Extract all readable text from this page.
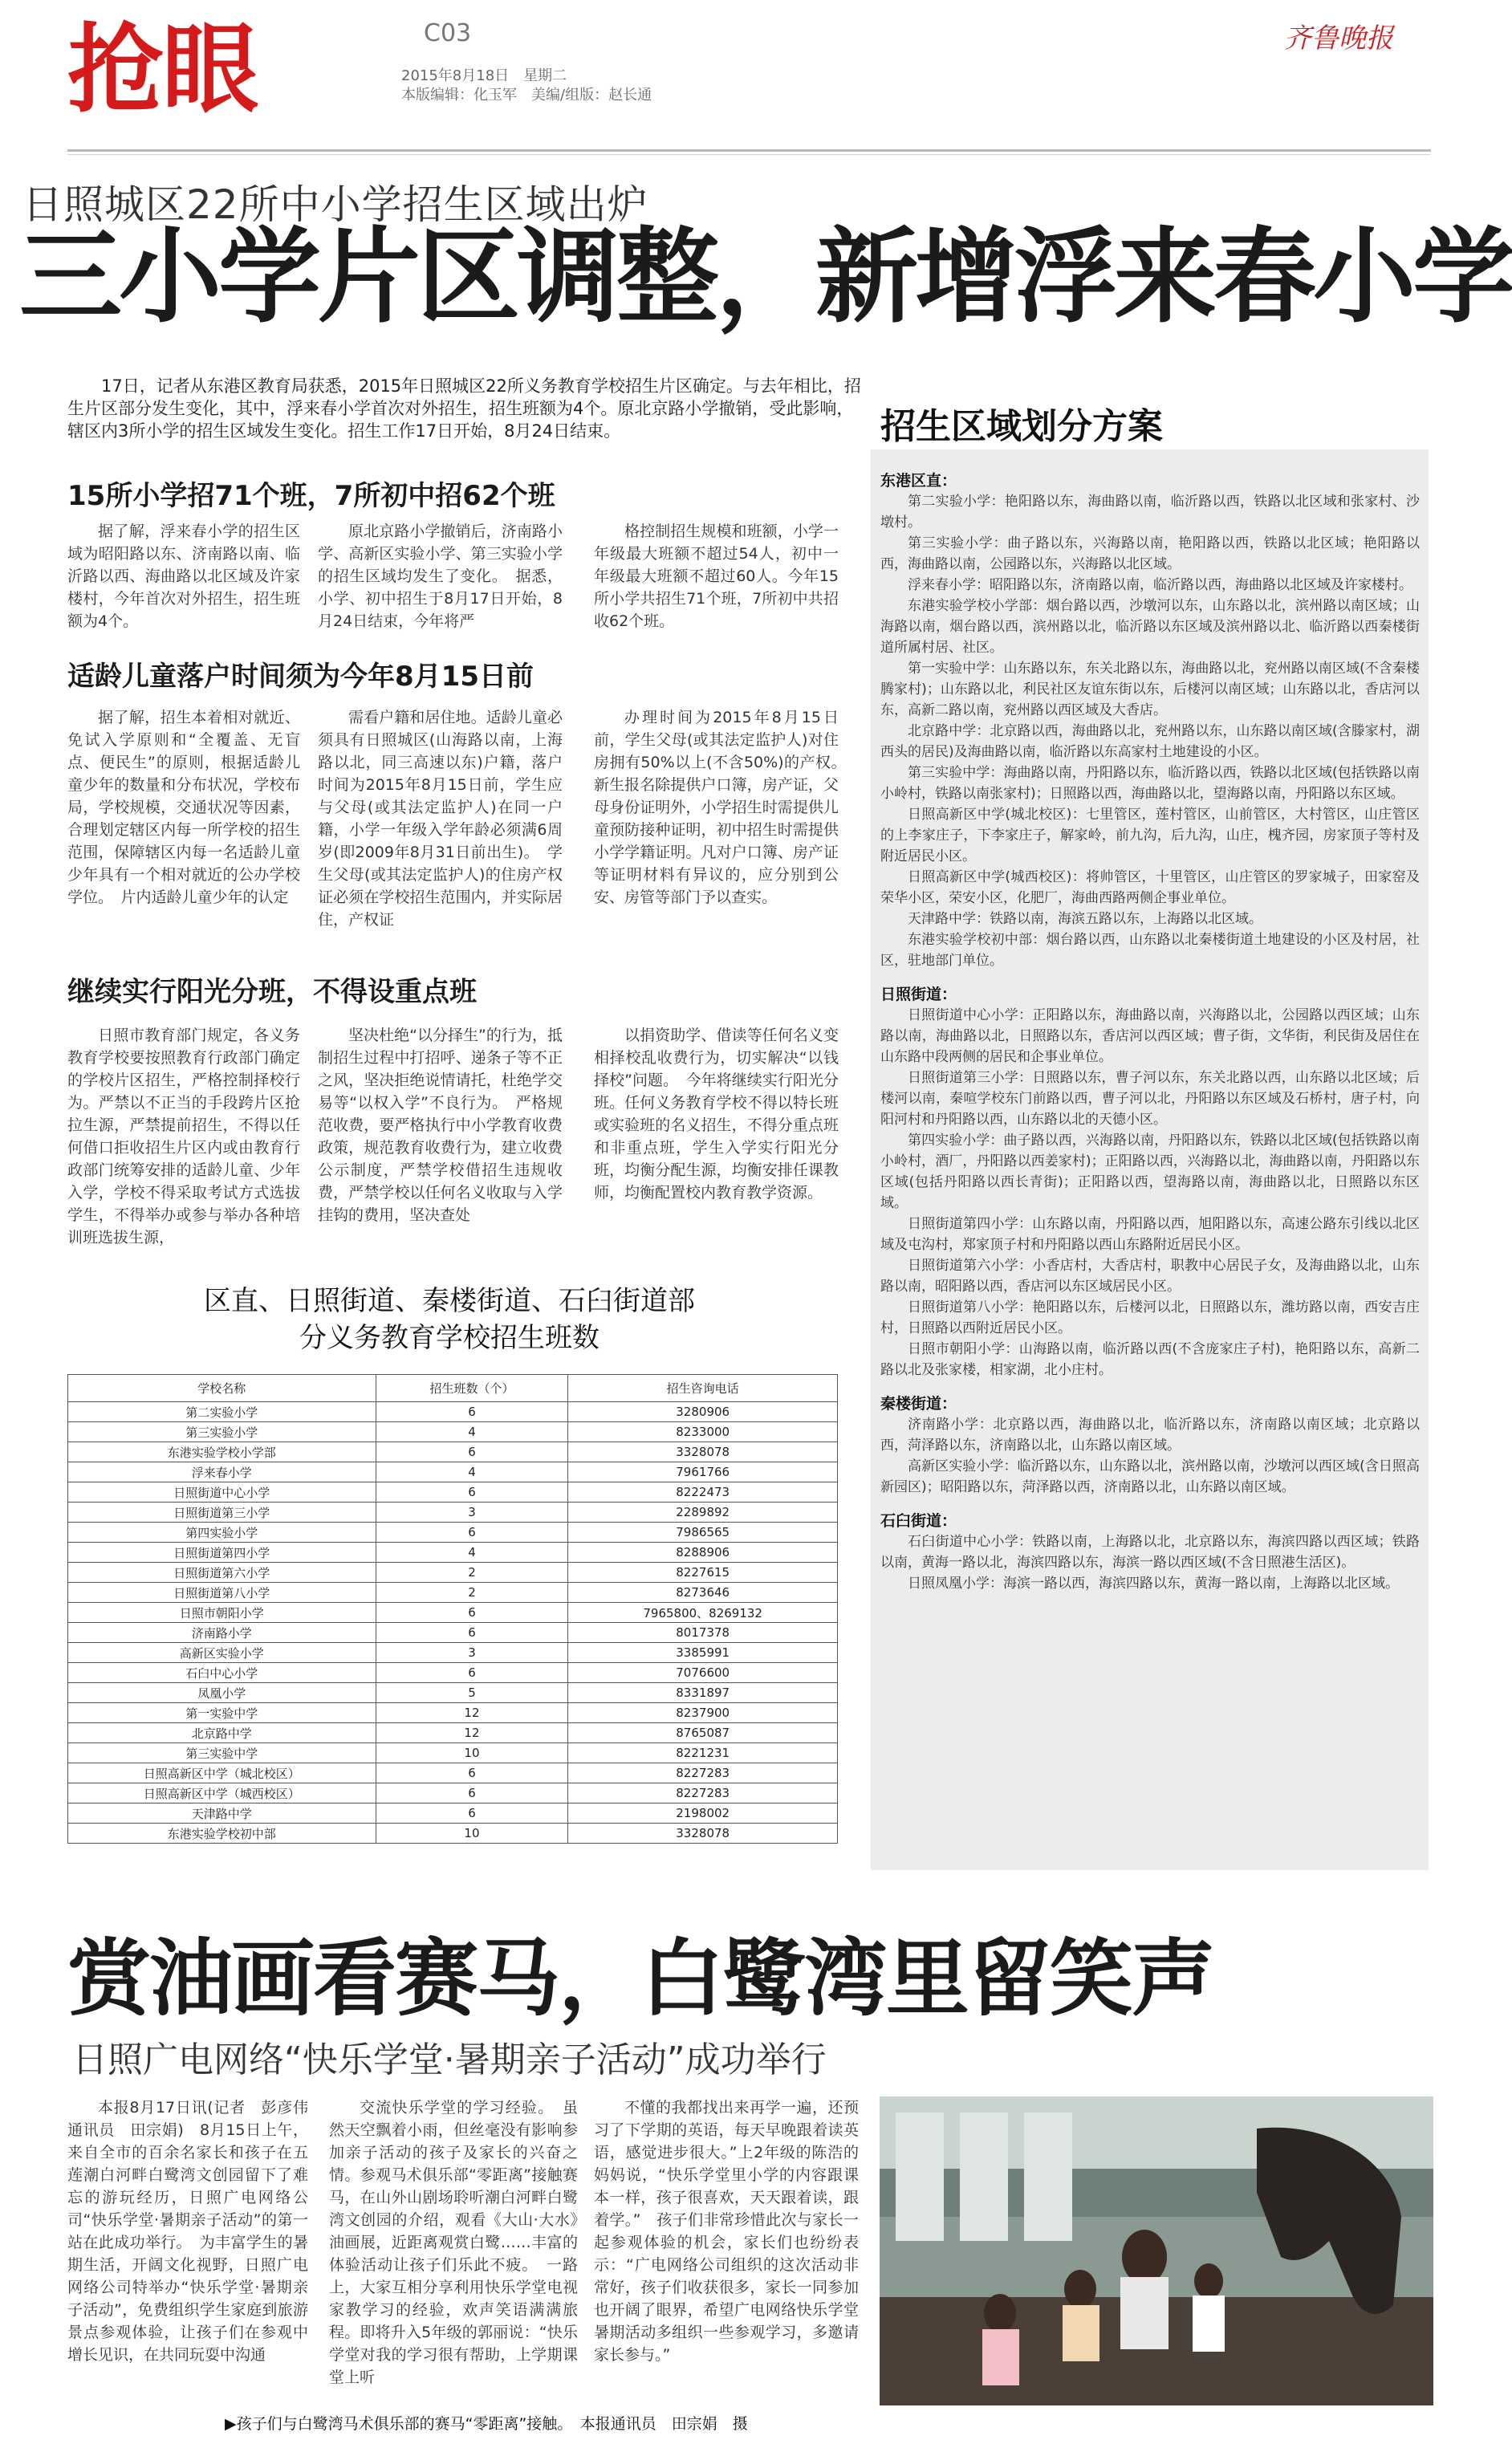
抢眼	C03
2015年8月18日　星期二
本版编辑：化玉军　美编/组版：赵长通
齐鲁晚报
日照城区22所中小学招生区域出炉
三小学片区调整，新增浮来春小学
17日，记者从东港区教育局获悉，2015年日照城区22所义务教育学校招生片区确定。与去年相比，招生片区部分发生变化，其中，浮来春小学首次对外招生，招生班额为4个。原北京路小学撤销，受此影响，辖区内3所小学的招生区域发生变化。招生工作17日开始，8月24日结束。
15所小学招71个班，7所初中招62个班
据了解，浮来春小学的招生区域为昭阳路以东、济南路以南、临沂路以西、海曲路以北区域及许家楼村，今年首次对外招生，招生班额为4个。
原北京路小学撤销后，济南路小学、高新区实验小学、第三实验小学的招生区域均发生了变化。　据悉，小学、初中招生于8月17日开始，8月24日结束，今年将严
格控制招生规模和班额，小学一年级最大班额不超过54人，初中一年级最大班额不超过60人。今年15所小学共招生71个班，7所初中共招收62个班。
适龄儿童落户时间须为今年8月15日前
据了解，招生本着相对就近、免试入学原则和“全覆盖、无盲点、便民生”的原则，根据适龄儿童少年的数量和分布状况，学校布局，学校规模，交通状况等因素，合理划定辖区内每一所学校的招生范围，保障辖区内每一名适龄儿童少年具有一个相对就近的公办学校学位。　片内适龄儿童少年的认定
需看户籍和居住地。适龄儿童必须具有日照城区(山海路以南，上海路以北，同三高速以东)户籍，落户时间为2015年8月15日前，学生应与父母(或其法定监护人)在同一户籍，小学一年级入学年龄必须满6周岁(即2009年8月31日前出生)。　学生父母(或其法定监护人)的住房产权证必须在学校招生范围内，并实际居住，产权证
办理时间为2015年8月15日前，学生父母(或其法定监护人)对住房拥有50%以上(不含50%)的产权。　新生报名除提供户口簿，房产证，父母身份证明外，小学招生时需提供儿童预防接种证明，初中招生时需提供小学学籍证明。凡对户口簿、房产证等证明材料有异议的，应分别到公安、房管等部门予以查实。
继续实行阳光分班，不得设重点班
日照市教育部门规定，各义务教育学校要按照教育行政部门确定的学校片区招生，严格控制择校行为。严禁以不正当的手段跨片区抢拉生源，严禁提前招生，不得以任何借口拒收招生片区内或由教育行政部门统筹安排的适龄儿童、少年入学，学校不得采取考试方式选拔学生，不得举办或参与举办各种培训班选拔生源，
坚决杜绝“以分择生”的行为，抵制招生过程中打招呼、递条子等不正之风，坚决拒绝说情请托，杜绝学交易等“以权入学”不良行为。　严格规范收费，要严格执行中小学教育收费政策，规范教育收费行为，建立收费公示制度，严禁学校借招生违规收费，严禁学校以任何名义收取与入学挂钩的费用，坚决查处
以捐资助学、借读等任何名义变相择校乱收费行为，切实解决“以钱择校”问题。　今年将继续实行阳光分班。任何义务教育学校不得以特长班或实验班的名义招生，不得分重点班和非重点班，学生入学实行阳光分班，均衡分配生源，均衡安排任课教师，均衡配置校内教育教学资源。
招生区域划分方案
东港区直：
第二实验小学：艳阳路以东，海曲路以南，临沂路以西，铁路以北区域和张家村、沙墩村。
第三实验小学：曲子路以东，兴海路以南，艳阳路以西，铁路以北区域；艳阳路以西，海曲路以南，公园路以东，兴海路以北区域。
浮来春小学：昭阳路以东，济南路以南，临沂路以西，海曲路以北区域及许家楼村。
东港实验学校小学部：烟台路以西，沙墩河以东，山东路以北，滨州路以南区域；山海路以南，烟台路以西，滨州路以北，临沂路以东区域及滨州路以北、临沂路以西秦楼街道所属村居、社区。
第一实验中学：山东路以东，东关北路以东，海曲路以北，兖州路以南区域(不含秦楼腾家村)；山东路以北，利民社区友谊东街以东，后楼河以南区域；山东路以北，香店河以东，高新二路以南，兖州路以西区域及大香店。
北京路中学：北京路以西，海曲路以北，兖州路以东，山东路以南区域(含滕家村，湖西头的居民)及海曲路以南，临沂路以东高家村土地建设的小区。
第三实验中学：海曲路以南，丹阳路以东，临沂路以西，铁路以北区域(包括铁路以南小岭村，铁路以南张家村)；日照路以西，海曲路以北，望海路以南，丹阳路以东区域。
日照高新区中学(城北校区)：七里管区，莲村管区，山前管区，大村管区，山庄管区的上李家庄子，下李家庄子，解家岭，前九沟，后九沟，山庄，槐齐园，房家顶子等村及附近居民小区。
日照高新区中学(城西校区)：将帅管区，十里管区，山庄管区的罗家城子，田家窑及荣华小区，荣安小区，化肥厂，海曲西路两侧企事业单位。
天津路中学：铁路以南，海滨五路以东，上海路以北区域。
东港实验学校初中部：烟台路以西，山东路以北秦楼街道土地建设的小区及村居，社区，驻地部门单位。
日照街道：
日照街道中心小学：正阳路以东，海曲路以南，兴海路以北，公园路以西区域；山东路以南，海曲路以北，日照路以东，香店河以西区域；曹子街，文华街，利民街及居住在山东路中段两侧的居民和企事业单位。
日照街道第三小学：日照路以东，曹子河以东，东关北路以西，山东路以北区域；后楼河以南，秦喧学校东门前路以西，曹子河以北，丹阳路以东区域及石桥村，唐子村，向阳河村和丹阳路以西，山东路以北的天德小区。
第四实验小学：曲子路以西，兴海路以南，丹阳路以东，铁路以北区域(包括铁路以南小岭村，酒厂，丹阳路以西姜家村)；正阳路以西，兴海路以北，海曲路以南，丹阳路以东区域(包括丹阳路以西长青街)；正阳路以西，望海路以南，海曲路以北，日照路以东区域。
日照街道第四小学：山东路以南，丹阳路以西，旭阳路以东，高速公路东引线以北区域及屯沟村，郑家顶子村和丹阳路以西山东路附近居民小区。
日照街道第六小学：小香店村，大香店村，职教中心居民子女，及海曲路以北，山东路以南，昭阳路以西，香店河以东区域居民小区。
日照街道第八小学：艳阳路以东，后楼河以北，日照路以东，潍坊路以南，西安吉庄村，日照路以西附近居民小区。
日照市朝阳小学：山海路以南，临沂路以西(不含庞家庄子村)，艳阳路以东，高新二路以北及张家楼，相家湖，北小庄村。
秦楼街道：
济南路小学：北京路以西，海曲路以北，临沂路以东，济南路以南区域；北京路以西，菏泽路以东，济南路以北，山东路以南区域。
高新区实验小学：临沂路以东，山东路以北，滨州路以南，沙墩河以西区域(含日照高新园区)；昭阳路以东，菏泽路以西，济南路以北，山东路以南区域。
石臼街道：
石臼街道中心小学：铁路以南，上海路以北，北京路以东，海滨四路以西区域；铁路以南，黄海一路以北，海滨四路以东，海滨一路以西区域(不含日照港生活区)。
日照凤凰小学：海滨一路以西，海滨四路以东，黄海一路以南，上海路以北区域。
区直、日照街道、秦楼街道、石臼街道部分义务教育学校招生班数
学校名称	招生班数（个）	招生咨询电话
第二实验小学	6	3280906
第三实验小学	4	8233000
东港实验学校小学部	6	3328078
浮来春小学	4	7961766
日照街道中心小学	6	8222473
日照街道第三小学	3	2289892
第四实验小学	6	7986565
日照街道第四小学	4	8288906
日照街道第六小学	2	8227615
日照街道第八小学	2	8273646
日照市朝阳小学	6	7965800、8269132
济南路小学	6	8017378
高新区实验小学	3	3385991
石臼中心小学	6	7076600
凤凰小学	5	8331897
第一实验中学	12	8237900
北京路中学	12	8765087
第三实验中学	10	8221231
日照高新区中学（城北校区）	6	8227283
日照高新区中学（城西校区）	6	8227283
天津路中学	6	2198002
东港实验学校初中部	10	3328078
赏油画看赛马，白鹭湾里留笑声
日照广电网络“快乐学堂·暑期亲子活动”成功举行
本报8月17日讯(记者　彭彦伟　通讯员　田宗娟)　8月15日上午，来自全市的百余名家长和孩子在五莲潮白河畔白鹭湾文创园留下了难忘的游玩经历，日照广电网络公司“快乐学堂·暑期亲子活动”的第一站在此成功举行。　为丰富学生的暑期生活，开阔文化视野，日照广电网络公司特举办“快乐学堂·暑期亲子活动”，免费组织学生家庭到旅游景点参观体验，让孩子们在参观中增长见识，在共同玩耍中沟通
交流快乐学堂的学习经验。　虽然天空飘着小雨，但丝毫没有影响参加亲子活动的孩子及家长的兴奋之情。参观马术俱乐部“零距离”接触赛马，在山外山剧场聆听潮白河畔白鹭湾文创园的介绍，观看《大山·大水》油画展，近距离观赏白鹭……丰富的体验活动让孩子们乐此不疲。　一路上，大家互相分享利用快乐学堂电视家教学习的经验，欢声笑语满满旅程。即将升入5年级的郭丽说：“快乐学堂对我的学习很有帮助，上学期课堂上听
不懂的我都找出来再学一遍，还预习了下学期的英语，每天早晚跟着读英语，感觉进步很大。”上2年级的陈浩的妈妈说，“快乐学堂里小学的内容跟课本一样，孩子很喜欢，天天跟着读，跟着学。”　孩子们非常珍惜此次与家长一起参观体验的机会，家长们也纷纷表示：“广电网络公司组织的这次活动非常好，孩子们收获很多，家长一同参加也开阔了眼界，希望广电网络快乐学堂暑期活动多组织一些参观学习，多邀请家长参与。”
▶孩子们与白鹭湾马术俱乐部的赛马“零距离”接触。　本报通讯员　田宗娟　摄
